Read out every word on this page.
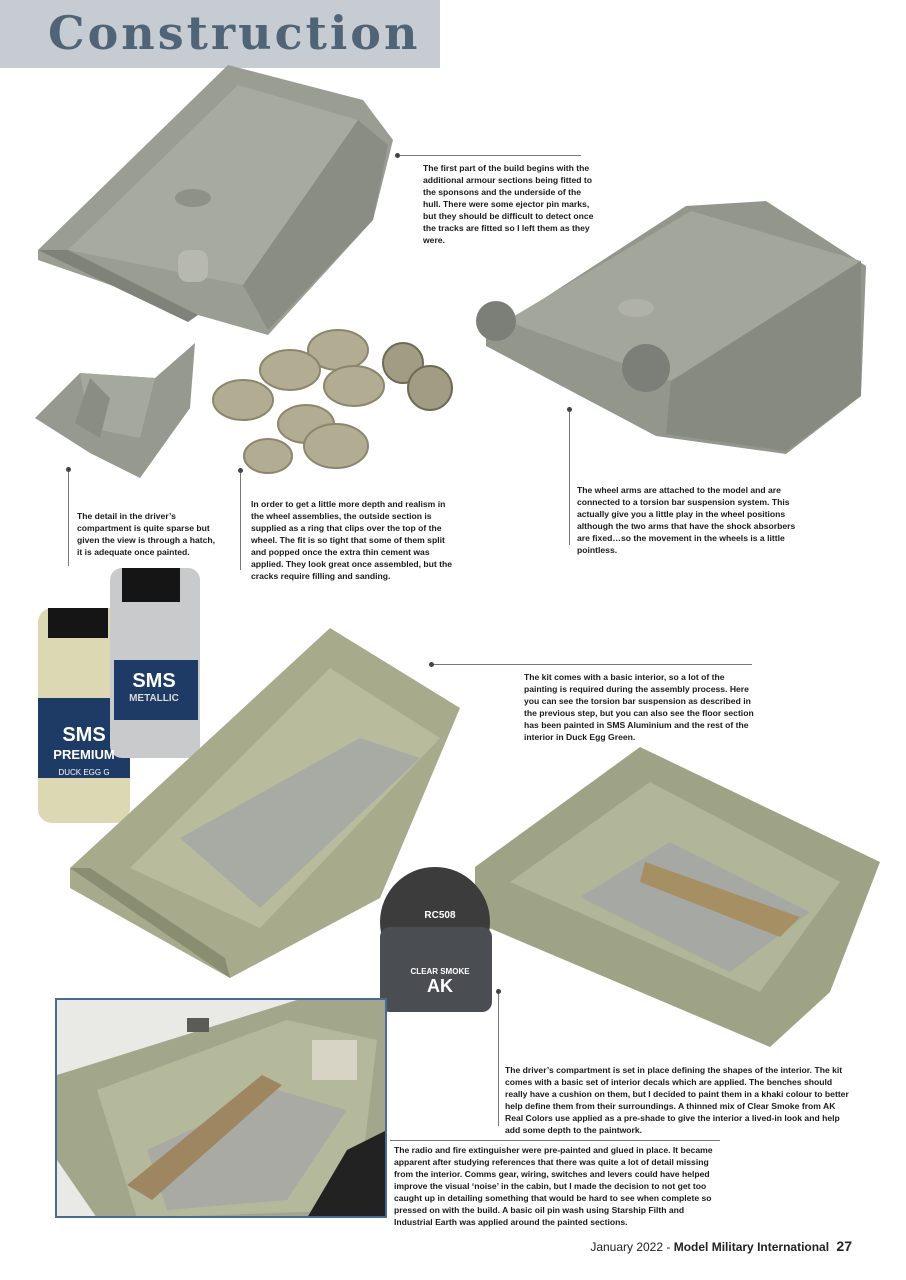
Construction
SMS
PREMIUM
DUCK EGG G
SMS
METALLIC
RC508
CLEAR SMOKE
AK
The first part of the build begins with the additional armour sections being fitted to the sponsons and the underside of the hull. There were some ejector pin marks, but they should be difficult to detect once the tracks are fitted so I left them as they were.
The detail in the driver’s compartment is quite sparse but given the view is through a hatch, it is adequate once painted.
In order to get a little more depth and realism in the wheel assemblies, the outside section is supplied as a ring that clips over the top of the wheel. The fit is so tight that some of them split and popped once the extra thin cement was applied. They look great once assembled, but the cracks require filling and sanding.
The wheel arms are attached to the model and are connected to a torsion bar suspension system. This actually give you a little play in the wheel positions although the two arms that have the shock absorbers are fixed…so the movement in the wheels is a little pointless.
The kit comes with a basic interior, so a lot of the painting is required during the assembly process. Here you can see the torsion bar suspension as described in the previous step, but you can also see the floor section has been painted in SMS Aluminium and the rest of the interior in Duck Egg Green.
The driver’s compartment is set in place defining the shapes of the interior. The kit comes with a basic set of interior decals which are applied. The benches should really have a cushion on them, but I decided to paint them in a khaki colour to better help define them from their surroundings. A thinned mix of Clear Smoke from AK Real Colors use applied as a pre-shade to give the interior a lived-in look and help add some depth to the paintwork.
The radio and fire extinguisher were pre-painted and glued in place. It became apparent after studying references that there was quite a lot of detail missing from the interior. Comms gear, wiring, switches and levers could have helped improve the visual ‘noise’ in the cabin, but I made the decision to not get too caught up in detailing something that would be hard to see when complete so pressed on with the build. A basic oil pin wash using Starship Filth and Industrial Earth was applied around the painted sections.
January 2022 - Model Military International 27
